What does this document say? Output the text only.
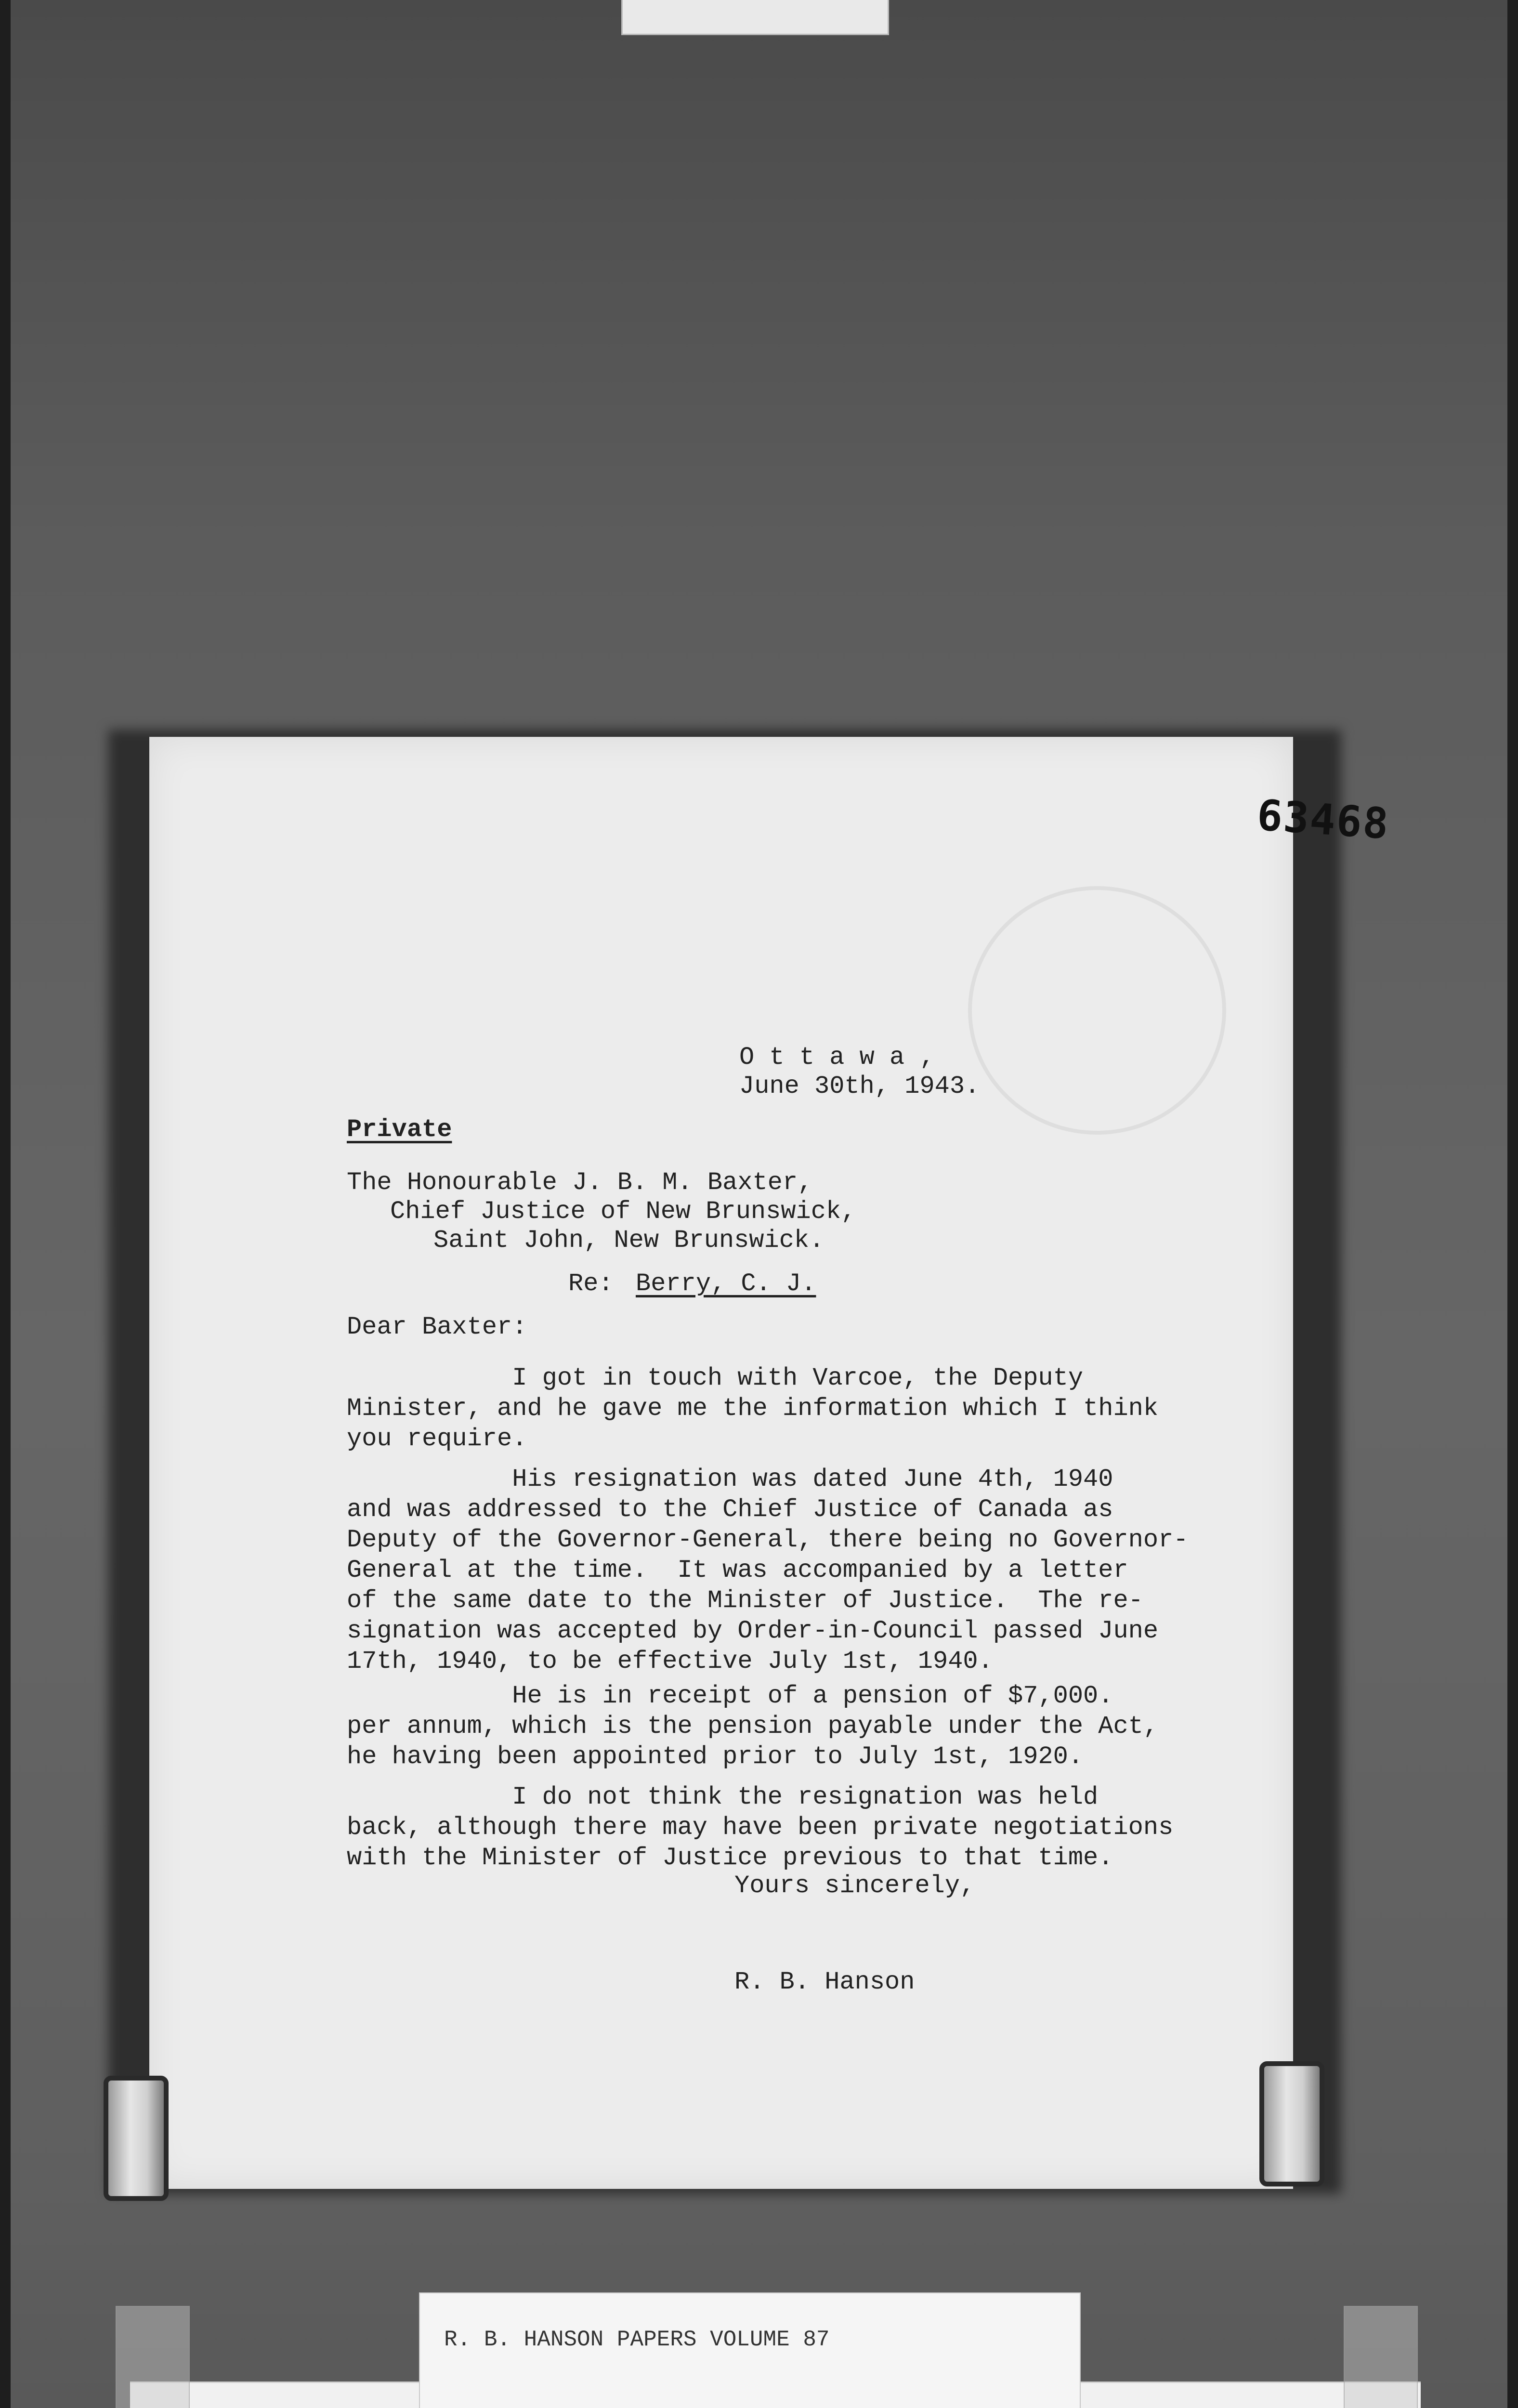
63468
O t t a w a ,
June 30th, 1943.
Private
The Honourable J. B. M. Baxter,
Chief Justice of New Brunswick,
Saint John, New Brunswick.
Re: Berry, C. J.
Dear Baxter:
I got in touch with Varcoe, the Deputy
Minister, and he gave me the information which I think
you require.
His resignation was dated June 4th, 1940
and was addressed to the Chief Justice of Canada as
Deputy of the Governor-General, there being no Governor-
General at the time.  It was accompanied by a letter
of the same date to the Minister of Justice.  The re-
signation was accepted by Order-in-Council passed June
17th, 1940, to be effective July 1st, 1940.
He is in receipt of a pension of $7,000.
per annum, which is the pension payable under the Act,
he having been appointed prior to July 1st, 1920.
I do not think the resignation was held
back, although there may have been private negotiations
with the Minister of Justice previous to that time.
Yours sincerely,
R. B. Hanson
R. B. HANSON PAPERS VOLUME 87
